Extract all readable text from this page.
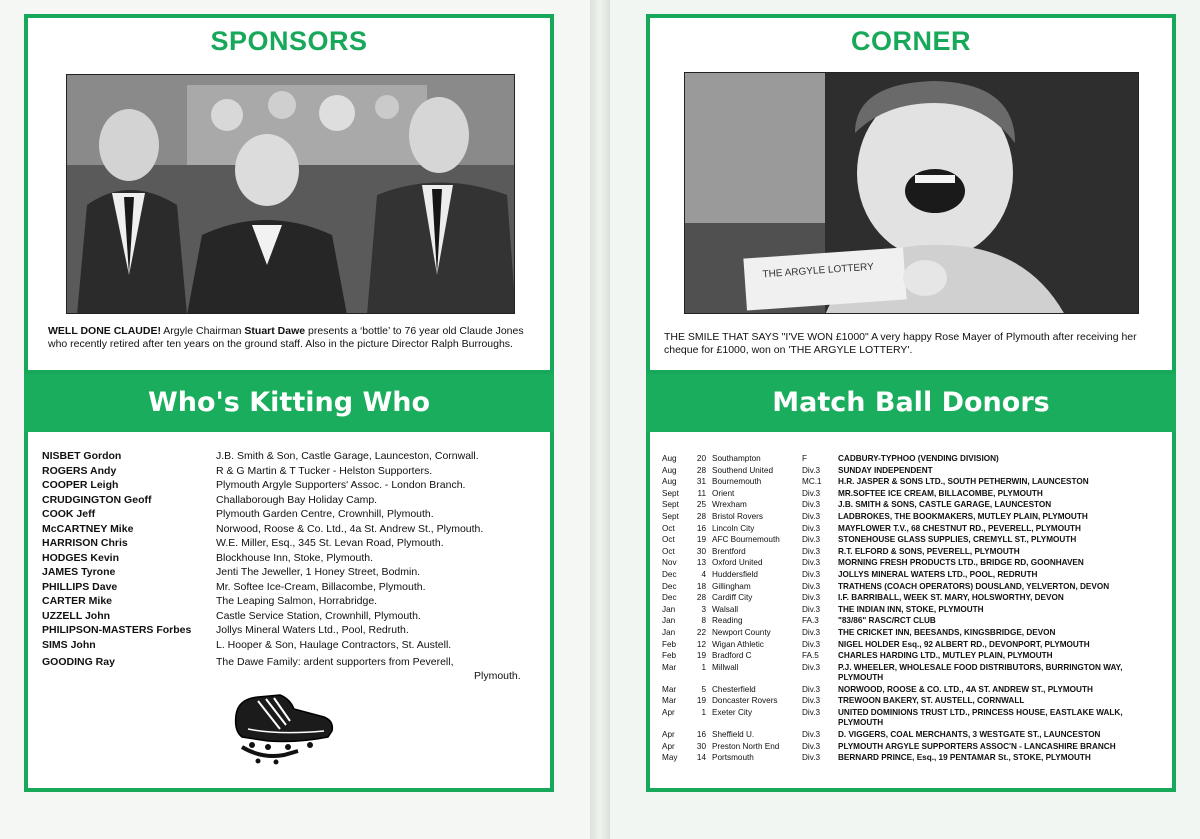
SPONSORS
WELL DONE CLAUDE! Argyle Chairman Stuart Dawe presents a ‘bottle’ to 76 year old Claude Jones who recently retired after ten years on the ground staff. Also in the picture Director Ralph Burroughs.
Who's Kitting Who
NISBET Gordon	J.B. Smith & Son, Castle Garage, Launceston, Cornwall.
ROGERS Andy	R & G Martin & T Tucker - Helston Supporters.
COOPER Leigh	Plymouth Argyle Supporters' Assoc. - London Branch.
CRUDGINGTON Geoff	Challaborough Bay Holiday Camp.
COOK Jeff	Plymouth Garden Centre, Crownhill, Plymouth.
McCARTNEY Mike	Norwood, Roose & Co. Ltd., 4a St. Andrew St., Plymouth.
HARRISON Chris	W.E. Miller, Esq., 345 St. Levan Road, Plymouth.
HODGES Kevin	Blockhouse Inn, Stoke, Plymouth.
JAMES Tyrone	Jenti The Jeweller, 1 Honey Street, Bodmin.
PHILLIPS Dave	Mr. Softee Ice-Cream, Billacombe, Plymouth.
CARTER Mike	The Leaping Salmon, Horrabridge.
UZZELL John	Castle Service Station, Crownhill, Plymouth.
PHILIPSON-MASTERS Forbes Jollys Mineral Waters Ltd., Pool, Redruth.
SIMS John	L. Hooper & Son, Haulage Contractors, St. Austell.
GOODING Ray	The Dawe Family: ardent supporters from Peverell,
Plymouth.
CORNER
THE ARGYLE LOTTERY
THE SMILE THAT SAYS "I'VE WON £1000" A very happy Rose Mayer of Plymouth after receiving her cheque for £1000, won on 'THE ARGYLE LOTTERY'.
Match Ball Donors
Aug	20 Southampton	F	CADBURY-TYPHOO (VENDING DIVISION)
Aug	28 Southend United	Div.3 SUNDAY INDEPENDENT
Aug	31 Bournemouth	MC.1 H.R. JASPER & SONS LTD., SOUTH PETHERWIN, LAUNCESTON
Sept	11 Orient	Div.3 MR.SOFTEE ICE CREAM, BILLACOMBE, PLYMOUTH
Sept	25 Wrexham	Div.3 J.B. SMITH & SONS, CASTLE GARAGE, LAUNCESTON
Sept	28 Bristol Rovers	Div.3 LADBROKES, THE BOOKMAKERS, MUTLEY PLAIN, PLYMOUTH
Oct	16 Lincoln City	Div.3 MAYFLOWER T.V., 68 CHESTNUT RD., PEVERELL, PLYMOUTH
Oct	19 AFC Bournemouth	Div.3 STONEHOUSE GLASS SUPPLIES, CREMYLL ST., PLYMOUTH
Oct	30 Brentford	Div.3 R.T. ELFORD & SONS, PEVERELL, PLYMOUTH
Nov	13 Oxford United	Div.3 MORNING FRESH PRODUCTS LTD., BRIDGE RD, GOONHAVEN
Dec	4 Huddersfield	Div.3 JOLLYS MINERAL WATERS LTD., POOL, REDRUTH
Dec	18 Gillingham	Div.3 TRATHENS (COACH OPERATORS) DOUSLAND, YELVERTON, DEVON
Dec	28 Cardiff City	Div.3 I.F. BARRIBALL, WEEK ST. MARY, HOLSWORTHY, DEVON
Jan	3 Walsall	Div.3 THE INDIAN INN, STOKE, PLYMOUTH
Jan	8 Reading	FA.3 "83/86" RASC/RCT CLUB
Jan	22 Newport County	Div.3 THE CRICKET INN, BEESANDS, KINGSBRIDGE, DEVON
Feb	12 Wigan Athletic	Div.3 NIGEL HOLDER Esq., 92 ALBERT RD., DEVONPORT, PLYMOUTH
Feb	19 Bradford C	FA.5 CHARLES HARDING LTD., MUTLEY PLAIN, PLYMOUTH
Mar	1 Millwall	Div.3 P.J. WHEELER, WHOLESALE FOOD DISTRIBUTORS, BURRINGTON WAY, PLYMOUTH
Mar	5 Chesterfield	Div.3 NORWOOD, ROOSE & CO. LTD., 4A ST. ANDREW ST., PLYMOUTH
Mar	19 Doncaster Rovers	Div.3 TREWOON BAKERY, ST. AUSTELL, CORNWALL
Apr	1 Exeter City	Div.3 UNITED DOMINIONS TRUST LTD., PRINCESS HOUSE, EASTLAKE WALK, PLYMOUTH
Apr	16 Sheffield U.	Div.3 D. VIGGERS, COAL MERCHANTS, 3 WESTGATE ST., LAUNCESTON
Apr	30 Preston North End	Div.3 PLYMOUTH ARGYLE SUPPORTERS ASSOC'N - LANCASHIRE BRANCH
May	14 Portsmouth	Div.3 BERNARD PRINCE, Esq., 19 PENTAMAR St., STOKE, PLYMOUTH
